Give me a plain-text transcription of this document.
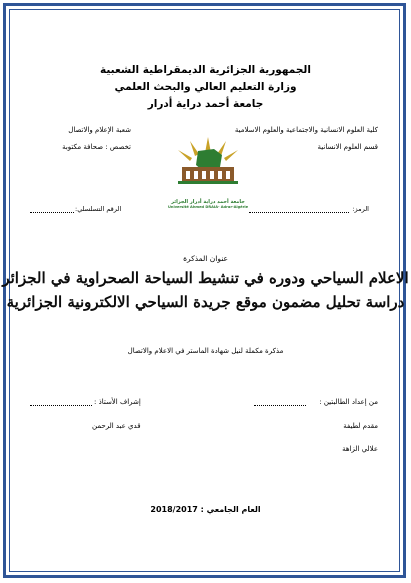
الجمهورية الجزائرية الديمقراطية الشعبية
وزارة التعليم العالي والبحث العلمي
جامعة أحمد دراية أدرار
كلية العلوم الانسانية والاجتماعية والعلوم الاسلامية
قسم العلوم الانسانية
شعبة الإعلام والاتصال
تخصص : صحافة مكتوبة
جامعة أحمد دراية أدرار الجزائر
Université Ahmed DRAIA- Adrar-Algérie	الرمز:
الرقم التسلسلي:
عنوان المذكرة
الاعلام السياحي ودوره في تنشيط السياحة الصحراوية في الجزائر
دراسة تحليل مضمون موقع جريدة السياحي الالكترونية الجزائرية
مذكرة مكملة لنيل شهادة الماستر في الاعلام والاتصال
من إعداد الطالبتين :
إشراف الأستاذ :
مقدم لطيفة
قدي عبد الرحمن
علالي الزاهة
العام الجامعي : 2018/2017
